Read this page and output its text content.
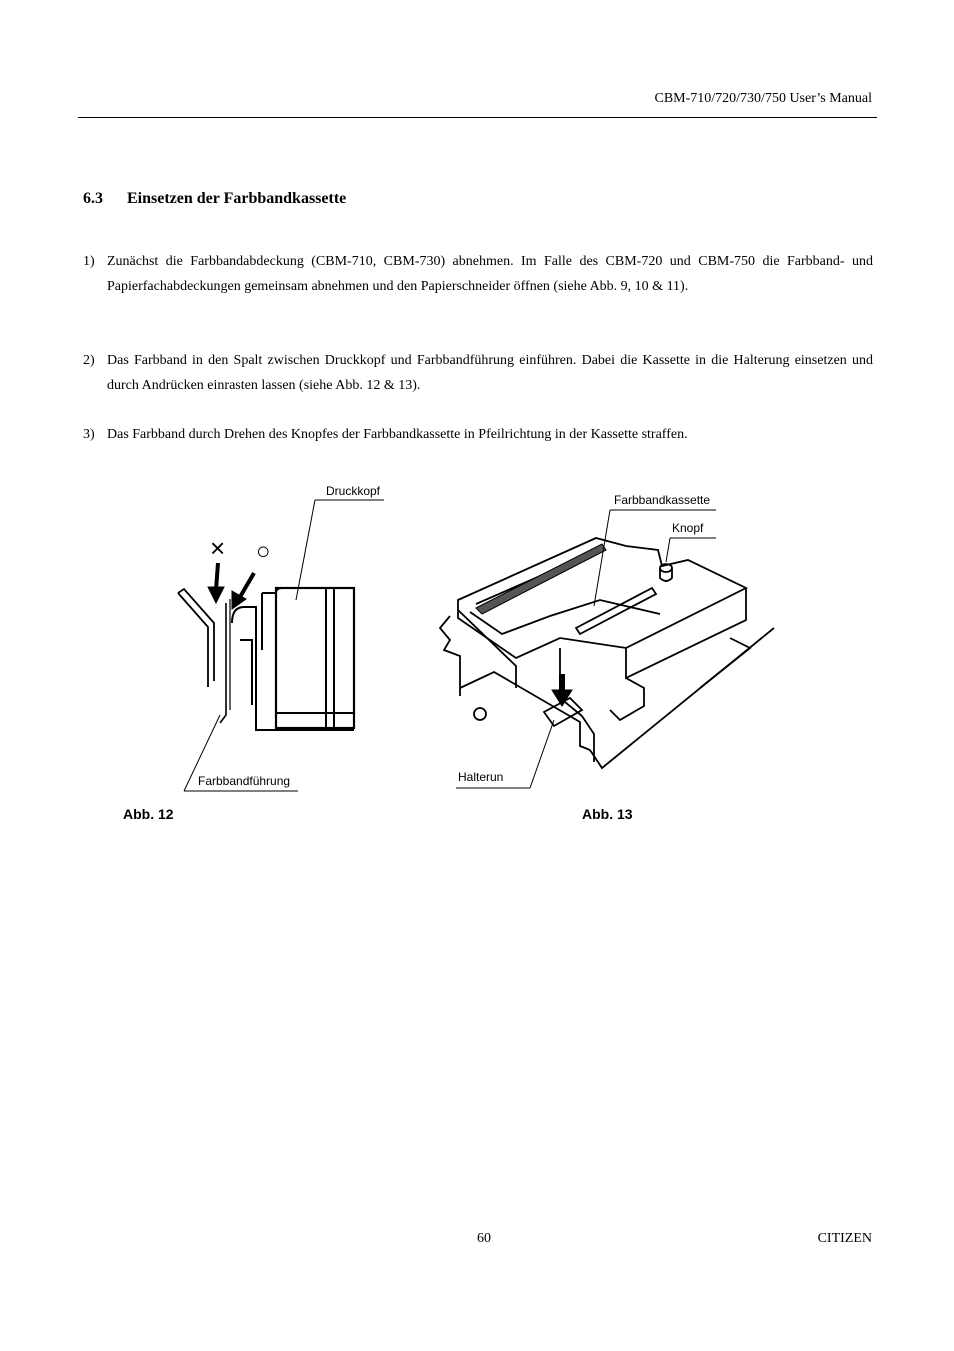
CBM-710/720/730/750 User’s Manual
6.3 Einsetzen der Farbbandkassette
1) Zunächst die Farbbandabdeckung (CBM-710, CBM-730) abnehmen. Im Falle des CBM-720 und CBM-750 die Farbband- und Papierfachabdeckungen gemeinsam abnehmen und den Papierschneider öffnen (siehe Abb. 9, 10 & 11).
2) Das Farbband in den Spalt zwischen Druckkopf und Farbbandführung einführen. Dabei die Kassette in die Halterung einsetzen und durch Andrücken einrasten lassen (siehe Abb. 12 & 13).
3) Das Farbband durch Drehen des Knopfes der Farbbandkassette in Pfeilrichtung in der Kassette straffen.
× ○
Druckkopf
Farbbandführung
Abb. 12
Farbbandkassette
Knopf
Halterun
Abb. 13
60	CITIZEN
